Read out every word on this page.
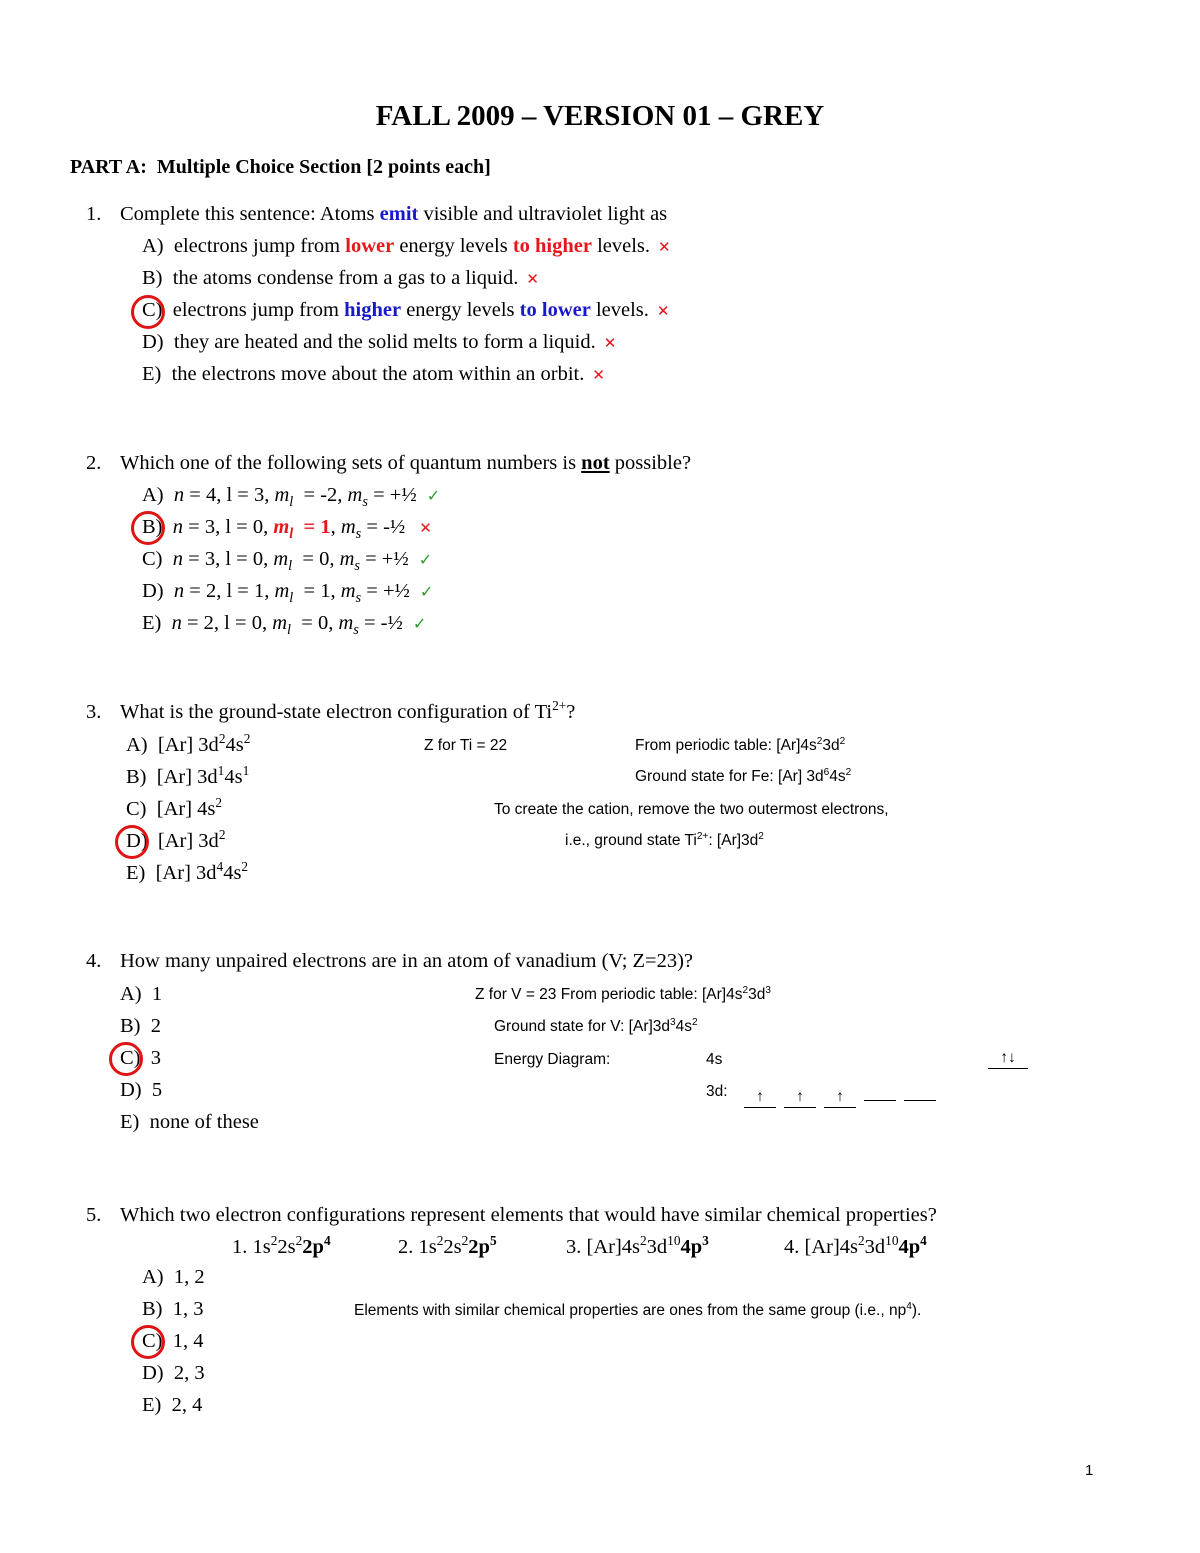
FALL 2009 – VERSION 01 – GREY
PART A: Multiple Choice Section [2 points each]
1. Complete this sentence: Atoms emit visible and ultraviolet light as
A) electrons jump from lower energy levels to higher levels. ✕
B) the atoms condense from a gas to a liquid. ✕
C) electrons jump from higher energy levels to lower levels. ✕
D) they are heated and the solid melts to form a liquid. ✕
E) the electrons move about the atom within an orbit. ✕
2. Which one of the following sets of quantum numbers is not possible?
A) n = 4, l = 3, $m_l = -2$, $m_s$ = +½ ✓
B) n = 3, l = 0, $m_l = 1$, $m_s$ = -½ ✕
C) n = 3, l = 0, $m_l = 0$, $m_s$ = +½ ✓
D) n = 2, l = 1, $m_l = 1$, $m_s$ = +½ ✓
E) n = 2, l = 0, $m_l = 0$, $m_s$ = -½ ✓
3. What is the ground-state electron configuration of $Ti^{2+}$?
A)  [Ar] $3d^24s^2$
B)  [Ar] $3d^14s^1$
C)  [Ar] $4s^2$
D)  [Ar] $3d^2$
E)  [Ar] $3d^44s^2$
Z for Ti = 22	From periodic table: $[Ar]4s^23d^2$
Ground state for Fe: [Ar] $3d^64s^2$
To create the cation, remove the two outermost electrons,
i.e., ground state $Ti^{2+}$: $[Ar]3d^2$
4. How many unpaired electrons are in an atom of vanadium (V; Z=23)?
A) 1
B) 2
C) 3
D) 5
E) none of these
Z for V = 23 From periodic table: $[Ar]4s^23d^3$
Ground state for V: $[Ar]3d^34s^2$
Energy Diagram:	4s	↑↓
3d:	↑ ↑ ↑
5. Which two electron configurations represent elements that would have similar chemical properties?
1. $1s^22s^22p^4$	2. $1s^22s^22p^5$	3. $[Ar]4s^23d^{10}4p^3$	4. $[Ar]4s^23d^{10}4p^4$
A) 1, 2
B) 1, 3
C) 1, 4
D) 2, 3
E) 2, 4
Elements with similar chemical properties are ones from the same group (i.e., $np^4$).
1
